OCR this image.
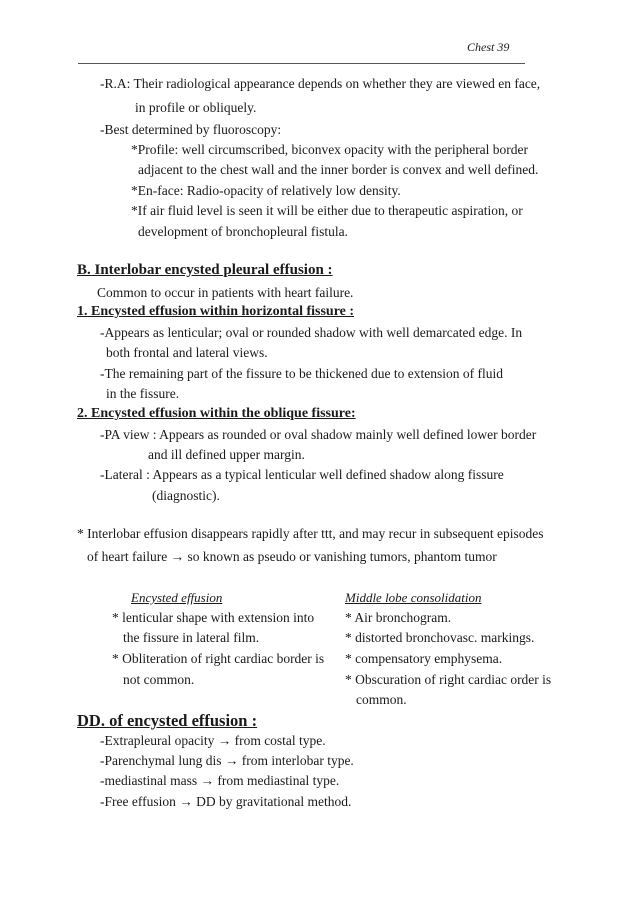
Chest 39
-R.A: Their radiological appearance depends on whether they are viewed en face,
in profile or obliquely.
-Best determined by fluoroscopy:
*Profile: well circumscribed, biconvex opacity with the peripheral border
adjacent to the chest wall and the inner border is convex and well defined.
*En-face: Radio-opacity of relatively low density.
*If air fluid level is seen it will be either due to therapeutic aspiration, or
development of bronchopleural fistula.
B. Interlobar encysted pleural effusion :
Common to occur in patients with heart failure.
1. Encysted effusion within horizontal fissure :
-Appears as lenticular; oval or rounded shadow with well demarcated edge. In
both frontal and lateral views.
-The remaining part of the fissure to be thickened due to extension of fluid
in the fissure.
2. Encysted effusion within the oblique fissure:
-PA view : Appears as rounded or oval shadow mainly well defined lower border
and ill defined upper margin.
-Lateral : Appears as a typical lenticular well defined shadow along fissure
(diagnostic).
* Interlobar effusion disappears rapidly after ttt, and may recur in subsequent episodes
of heart failure → so known as pseudo or vanishing tumors, phantom tumor
Encysted effusion	Middle lobe consolidation
* lenticular shape with extension into
the fissure in lateral film.
* Obliteration of right cardiac border is
not common.
* Air bronchogram.
* distorted bronchovasc. markings.
* compensatory emphysema.
* Obscuration of right cardiac order is
common.
DD. of encysted effusion :
-Extrapleural opacity → from costal type.
-Parenchymal lung dis → from interlobar type.
-mediastinal mass → from mediastinal type.
-Free effusion → DD by gravitational method.
